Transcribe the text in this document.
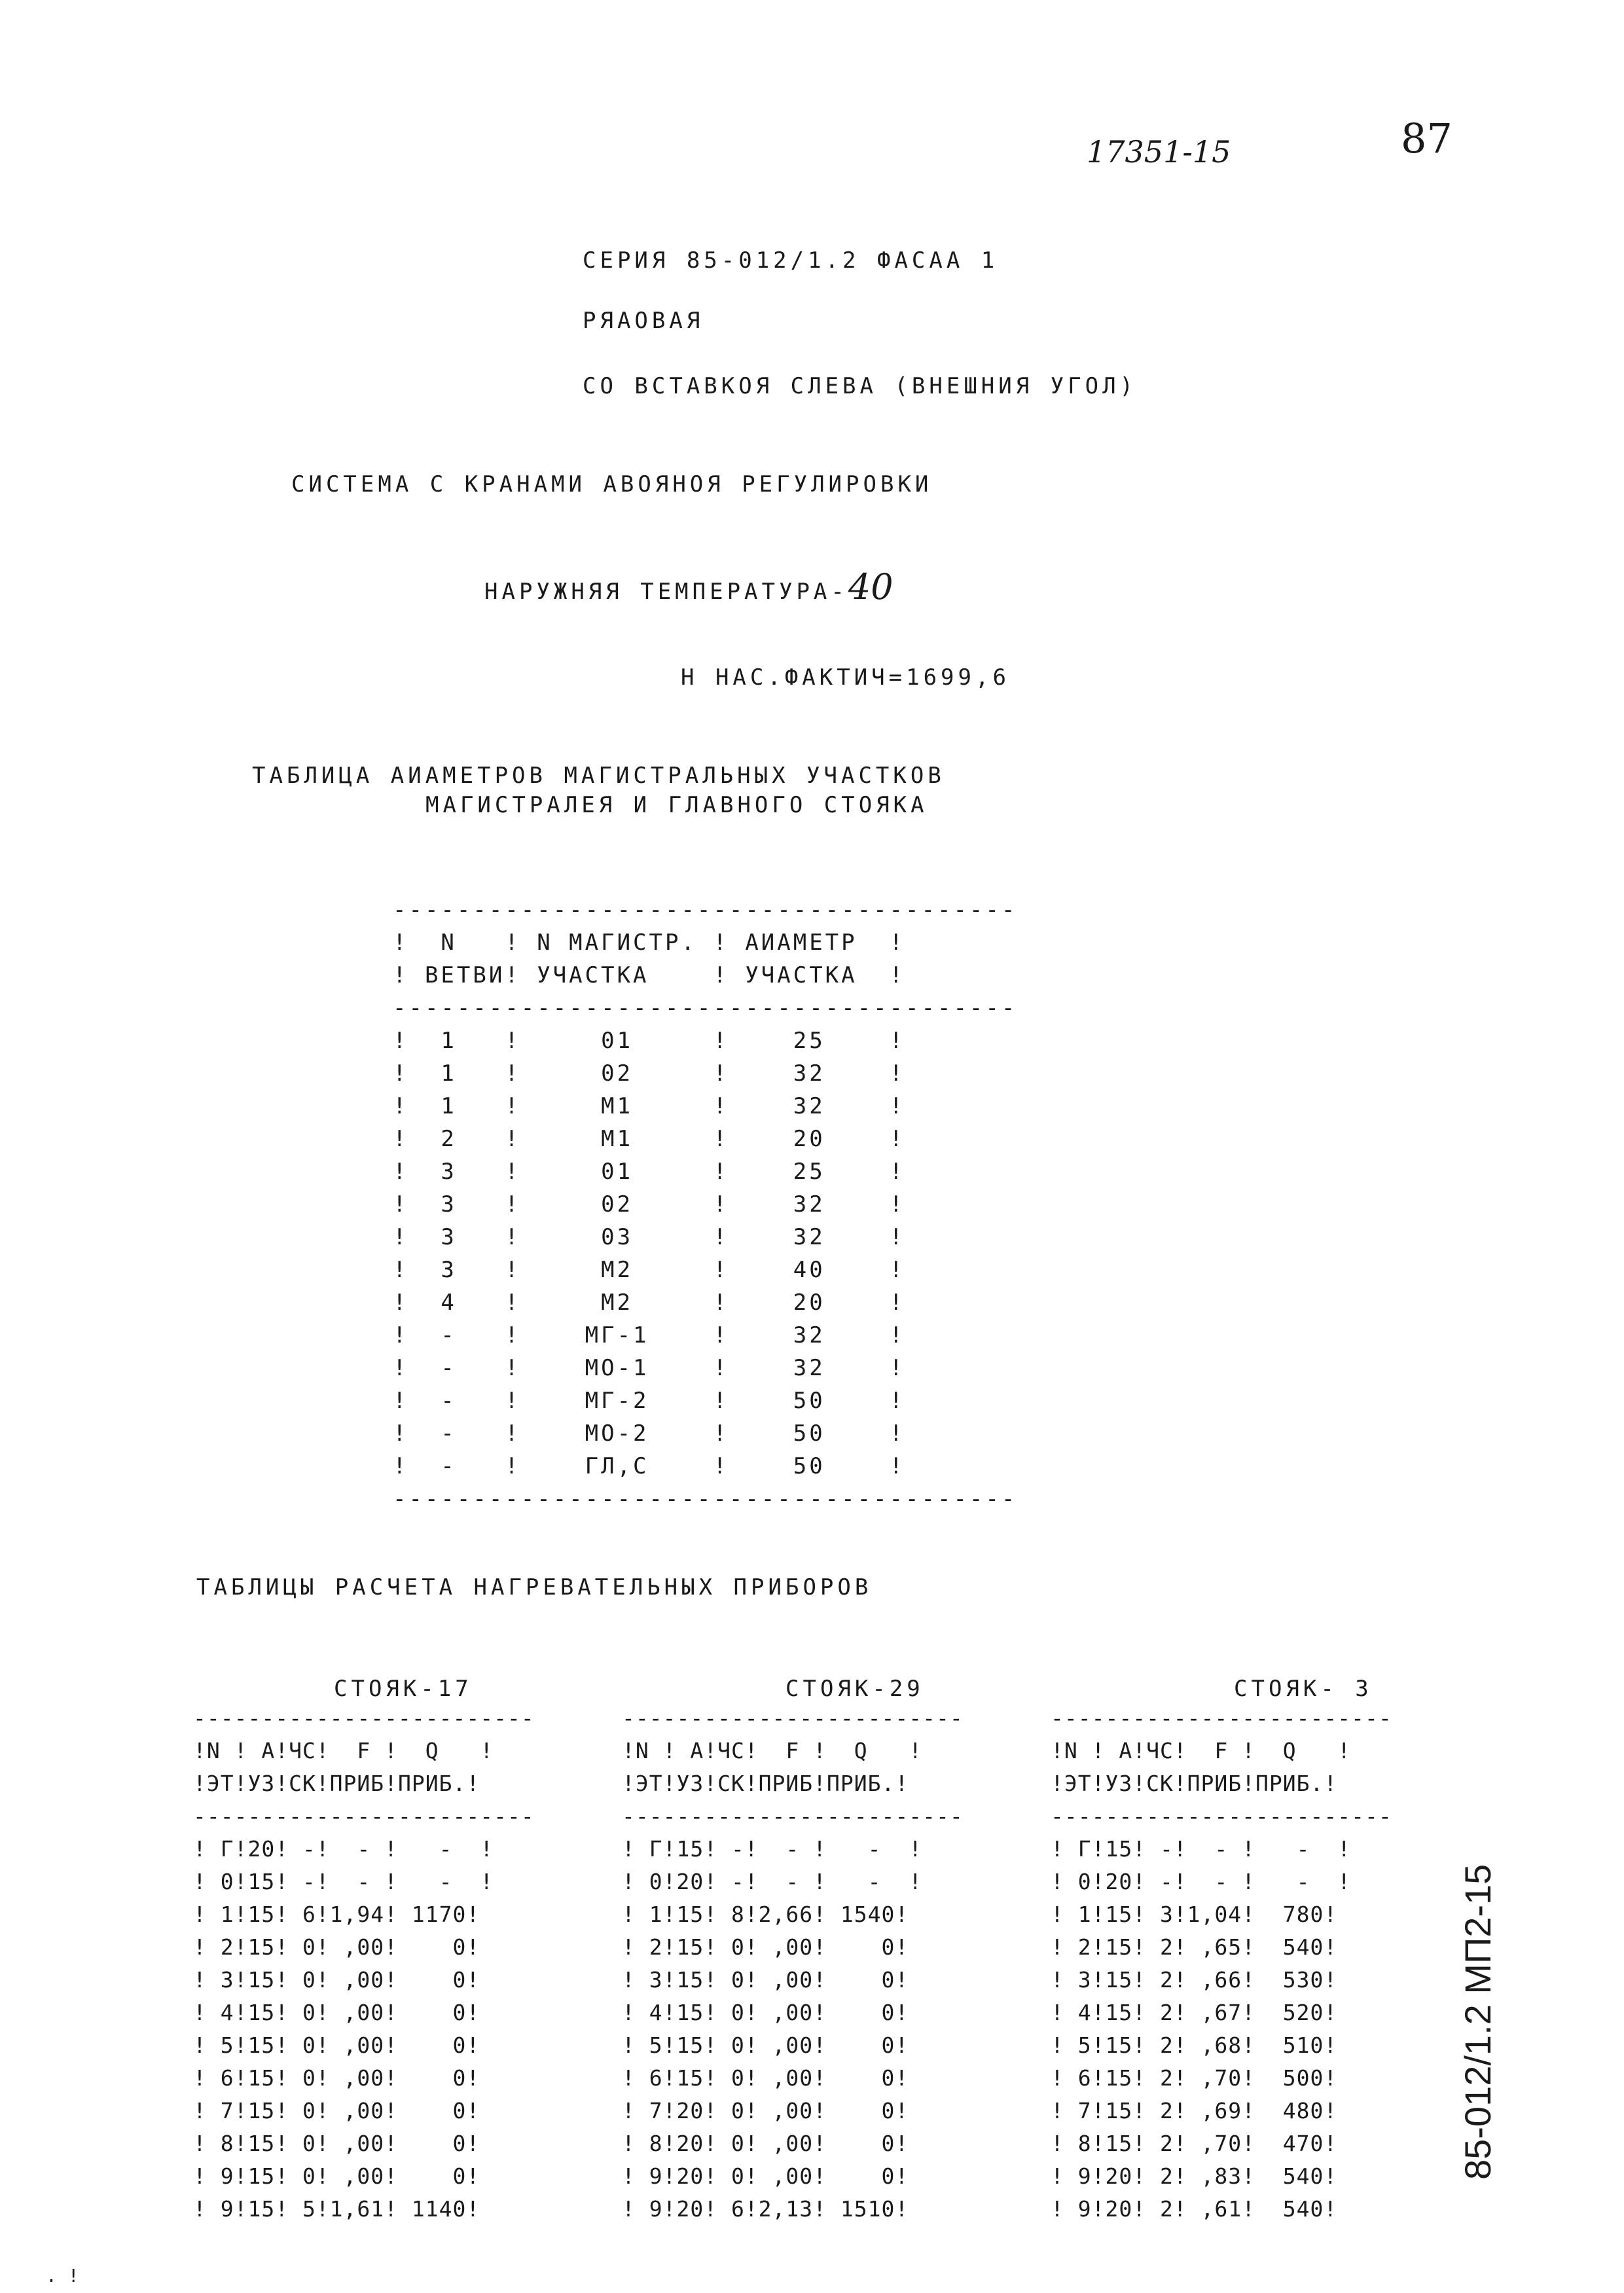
17351-15	87
СЕРИЯ 85-012/1.2 ФАСАА 1
РЯАОВАЯ
СО ВСТАВКОЯ СЛЕВА (ВНЕШНИЯ УГОЛ)
СИСТЕМА С КРАНАМИ АВОЯНОЯ РЕГУЛИРОВКИ
НАРУЖНЯЯ ТЕМПЕРАТУРА-40
Н НАС.ФАКТИЧ=1699,6
ТАБЛИЦА АИАМЕТРОВ МАГИСТРАЛЬНЫХ УЧАСТКОВ
МАГИСТРАЛЕЯ И ГЛАВНОГО СТОЯКА
---------------------------------------
!  N   ! N МАГИСТР. ! АИАМЕТР  !
! ВЕТВИ! УЧАСТКА    ! УЧАСТКА  !
---------------------------------------
!  1   !     01     !    25    !
!  1   !     02     !    32    !
!  1   !     М1     !    32    !
!  2   !     М1     !    20    !
!  3   !     01     !    25    !
!  3   !     02     !    32    !
!  3   !     03     !    32    !
!  3   !     М2     !    40    !
!  4   !     М2     !    20    !
!  -   !    МГ-1    !    32    !
!  -   !    МО-1    !    32    !
!  -   !    МГ-2    !    50    !
!  -   !    МО-2    !    50    !
!  -   !    ГЛ,С    !    50    !
---------------------------------------
ТАБЛИЦЫ РАСЧЕТА НАГРЕВАТЕЛЬНЫХ ПРИБОРОВ
СТОЯК-17	СТОЯК-29	СТОЯК- 3
-------------------------
!N ! А!ЧС!  F !  Q   !
!ЭТ!УЗ!СК!ПРИБ!ПРИБ.!
-------------------------
! Г!20! -!  - !   -  !
! 0!15! -!  - !   -  !
! 1!15! 6!1,94! 1170!
! 2!15! 0! ,00!    0!
! 3!15! 0! ,00!    0!
! 4!15! 0! ,00!    0!
! 5!15! 0! ,00!    0!
! 6!15! 0! ,00!    0!
! 7!15! 0! ,00!    0!
! 8!15! 0! ,00!    0!
! 9!15! 0! ,00!    0!
! 9!15! 5!1,61! 1140!
-------------------------
!N ! А!ЧС!  F !  Q   !
!ЭТ!УЗ!СК!ПРИБ!ПРИБ.!
-------------------------
! Г!15! -!  - !   -  !
! 0!20! -!  - !   -  !
! 1!15! 8!2,66! 1540!
! 2!15! 0! ,00!    0!
! 3!15! 0! ,00!    0!
! 4!15! 0! ,00!    0!
! 5!15! 0! ,00!    0!
! 6!15! 0! ,00!    0!
! 7!20! 0! ,00!    0!
! 8!20! 0! ,00!    0!
! 9!20! 0! ,00!    0!
! 9!20! 6!2,13! 1510!
-------------------------
!N ! А!ЧС!  F !  Q   !
!ЭТ!УЗ!СК!ПРИБ!ПРИБ.!
-------------------------
! Г!15! -!  - !   -  !
! 0!20! -!  - !   -  !
! 1!15! 3!1,04!  780!
! 2!15! 2! ,65!  540!
! 3!15! 2! ,66!  530!
! 4!15! 2! ,67!  520!
! 5!15! 2! ,68!  510!
! 6!15! 2! ,70!  500!
! 7!15! 2! ,69!  480!
! 8!15! 2! ,70!  470!
! 9!20! 2! ,83!  540!
! 9!20! 2! ,61!  540!
85-012/1.2 МП2-15
. !
